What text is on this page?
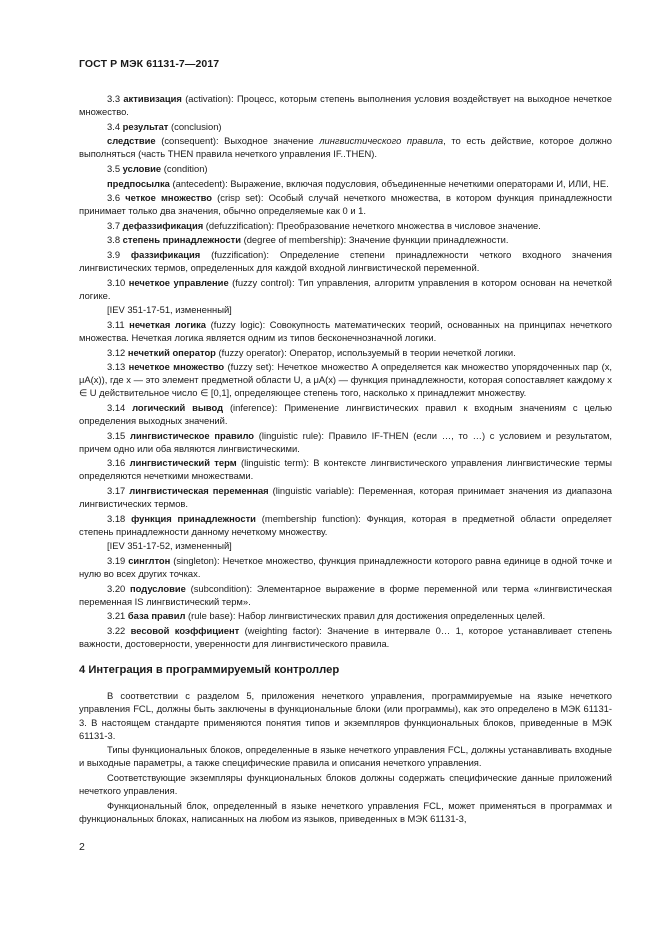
ГОСТ Р МЭК 61131-7—2017

3.3 активизация (activation): Процесс, которым степень выполнения условия воздействует на выходное нечеткое множество.

3.4 результат (conclusion)

следствие (consequent): Выходное значение лингвистического правила, то есть действие, которое должно выполняться (часть THEN правила нечеткого управления IF..THEN).

3.5 условие (condition)

предпосылка (antecedent): Выражение, включая подусловия, объединенные нечеткими операторами И, ИЛИ, НЕ.

3.6 четкое множество (crisp set): Особый случай нечеткого множества, в котором функция принадлежности принимает только два значения, обычно определяемые как 0 и 1.

3.7 дефаззификация (defuzzification): Преобразование нечеткого множества в числовое значение.

3.8 степень принадлежности (degree of membership): Значение функции принадлежности.

3.9 фаззификация (fuzzification): Определение степени принадлежности четкого входного значения лингвистических термов, определенных для каждой входной лингвистической переменной.

3.10 нечеткое управление (fuzzy control): Тип управления, алгоритм управления в котором основан на нечеткой логике.

[IEV 351-17-51, измененный]

3.11 нечеткая логика (fuzzy logic): Совокупность математических теорий, основанных на принципах нечеткого множества. Нечеткая логика является одним из типов бесконечнозначной логики.

3.12 нечеткий оператор (fuzzy operator): Оператор, используемый в теории нечеткой логики.

3.13 нечеткое множество (fuzzy set): Нечеткое множество A определяется как множество упорядоченных пар (x, μA(x)), где x — это элемент предметной области U, а μA(x) — функция принадлежности, которая сопоставляет каждому x ∈ U действительное число ∈ [0,1], определяющее степень того, насколько x принадлежит множеству.

3.14 логический вывод (inference): Применение лингвистических правил к входным значениям с целью определения выходных значений.

3.15 лингвистическое правило (linguistic rule): Правило IF-THEN (если …, то …) с условием и результатом, причем одно или оба являются лингвистическими.

3.16 лингвистический терм (linguistic term): В контексте лингвистического управления лингвистические термы определяются нечеткими множествами.

3.17 лингвистическая переменная (linguistic variable): Переменная, которая принимает значения из диапазона лингвистических термов.

3.18 функция принадлежности (membership function): Функция, которая в предметной области определяет степень принадлежности данному нечеткому множеству.

[IEV 351-17-52, измененный]

3.19 синглтон (singleton): Нечеткое множество, функция принадлежности которого равна единице в одной точке и нулю во всех других точках.

3.20 подусловие (subcondition): Элементарное выражение в форме переменной или терма «лингвистическая переменная IS лингвистический терм».

3.21 база правил (rule base): Набор лингвистических правил для достижения определенных целей.

3.22 весовой коэффициент (weighting factor): Значение в интервале 0… 1, которое устанавливает степень важности, достоверности, уверенности для лингвистического правила.

4 Интеграция в программируемый контроллер

В соответствии с разделом 5, приложения нечеткого управления, программируемые на языке нечеткого управления FCL, должны быть заключены в функциональные блоки (или программы), как это определено в МЭК 61131-3. В настоящем стандарте применяются понятия типов и экземпляров функциональных блоков, приведенные в МЭК 61131-3.

Типы функциональных блоков, определенные в языке нечеткого управления FCL, должны устанавливать входные и выходные параметры, а также специфические правила и описания нечеткого управления.

Соответствующие экземпляры функциональных блоков должны содержать специфические данные приложений нечеткого управления.

Функциональный блок, определенный в языке нечеткого управления FCL, может применяться в программах и функциональных блоках, написанных на любом из языков, приведенных в МЭК 61131-3,

2
